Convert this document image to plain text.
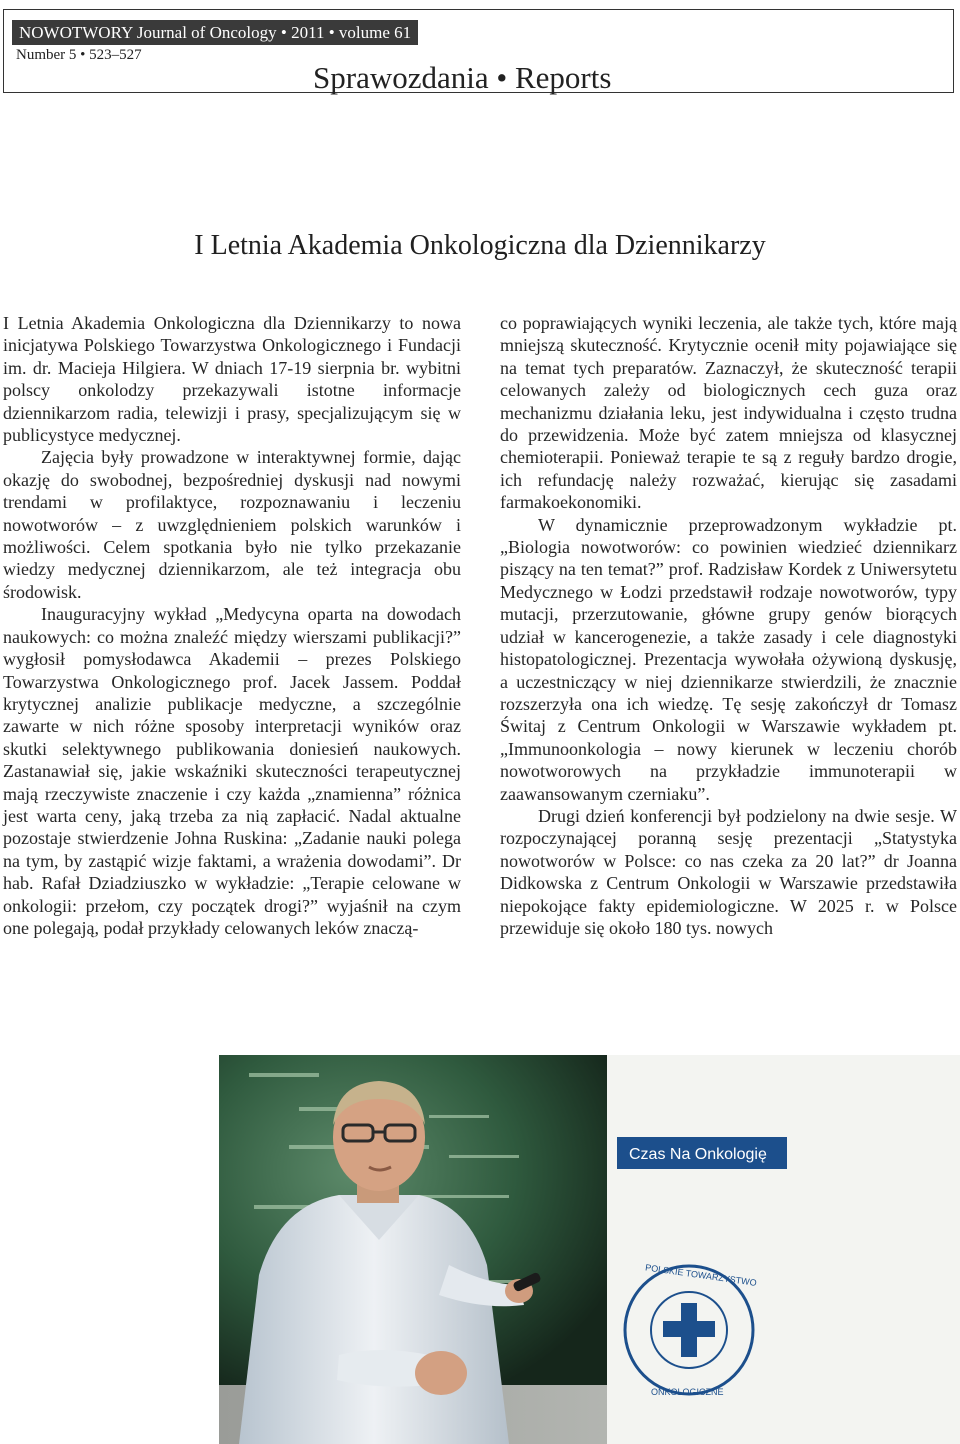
NOWOTWORY Journal of Oncology • 2011 • volume 61
Number 5 • 523–527
Sprawozdania • Reports
I Letnia Akademia Onkologiczna dla Dziennikarzy

I Letnia Akademia Onkologiczna dla Dziennikarzy to nowa inicjatywa Polskiego Towarzystwa Onkologicznego i Fundacji im. dr. Macieja Hilgiera. W dniach 17-19 sierpnia br. wybitni polscy onkolodzy przekazywali istotne informacje dziennikarzom radia, telewizji i prasy, specjalizującym się w publicystyce medycznej.

Zajęcia były prowadzone w interaktywnej formie, dając okazję do swobodnej, bezpośredniej dyskusji nad nowymi trendami w profilaktyce, rozpoznawaniu i leczeniu nowotworów – z uwzględnieniem polskich warunków i możliwości. Celem spotkania było nie tylko przekazanie wiedzy medycznej dziennikarzom, ale też integracja obu środowisk.

Inauguracyjny wykład „Medycyna oparta na dowodach naukowych: co można znaleźć między wierszami publikacji?” wygłosił pomysłodawca Akademii – prezes Polskiego Towarzystwa Onkologicznego prof. Jacek Jassem. Poddał krytycznej analizie publikacje medyczne, a szczególnie zawarte w nich różne sposoby interpretacji wyników oraz skutki selektywnego publikowania doniesień naukowych. Zastanawiał się, jakie wskaźniki skuteczności terapeutycznej mają rzeczywiste znaczenie i czy każda „znamienna” różnica jest warta ceny, jaką trzeba za nią zapłacić. Nadal aktualne pozostaje stwierdzenie Johna Ruskina: „Zadanie nauki polega na tym, by zastąpić wizje faktami, a wrażenia dowodami”. Dr hab. Rafał Dziadziuszko w wykładzie: „Terapie celowane w onkologii: przełom, czy początek drogi?” wyjaśnił na czym one polegają, podał przykłady celowanych leków znaczą-

co poprawiających wyniki leczenia, ale także tych, które mają mniejszą skuteczność. Krytycznie ocenił mity pojawiające się na temat tych preparatów. Zaznaczył, że skuteczność terapii celowanych zależy od biologicznych cech guza oraz mechanizmu działania leku, jest indywidualna i często trudna do przewidzenia. Może być zatem mniejsza od klasycznej chemioterapii. Ponieważ terapie te są z reguły bardzo drogie, ich refundację należy rozważać, kierując się zasadami farmakoekonomiki.

W dynamicznie przeprowadzonym wykładzie pt. „Biologia nowotworów: co powinien wiedzieć dziennikarz piszący na ten temat?” prof. Radzisław Kordek z Uniwersytetu Medycznego w Łodzi przedstawił rodzaje nowotworów, typy mutacji, przerzutowanie, główne grupy genów biorących udział w kancerogenezie, a także zasady i cele diagnostyki histopatologicznej. Prezentacja wywołała ożywioną dyskusję, a uczestniczący w niej dziennikarze stwierdzili, że znacznie rozszerzyła ona ich wiedzę. Tę sesję zakończył dr Tomasz Świtaj z Centrum Onkologii w Warszawie wykładem pt. „Immunoonkologia – nowy kierunek w leczeniu chorób nowotworowych na przykładzie immunoterapii w zaawansowanym czerniaku”.

Drugi dzień konferencji był podzielony na dwie sesje. W rozpoczynającej poranną sesję prezentacji „Statystyka nowotworów w Polsce: co nas czeka za 20 lat?” dr Joanna Didkowska z Centrum Onkologii w Warszawie przedstawiła niepokojące fakty epidemiologiczne. W 2025 r. w Polsce przewiduje się około 180 tys. nowych

Czas Na Onkologię
POLSKIE TOWARZYSTWO
ONKOLOGICZNE
